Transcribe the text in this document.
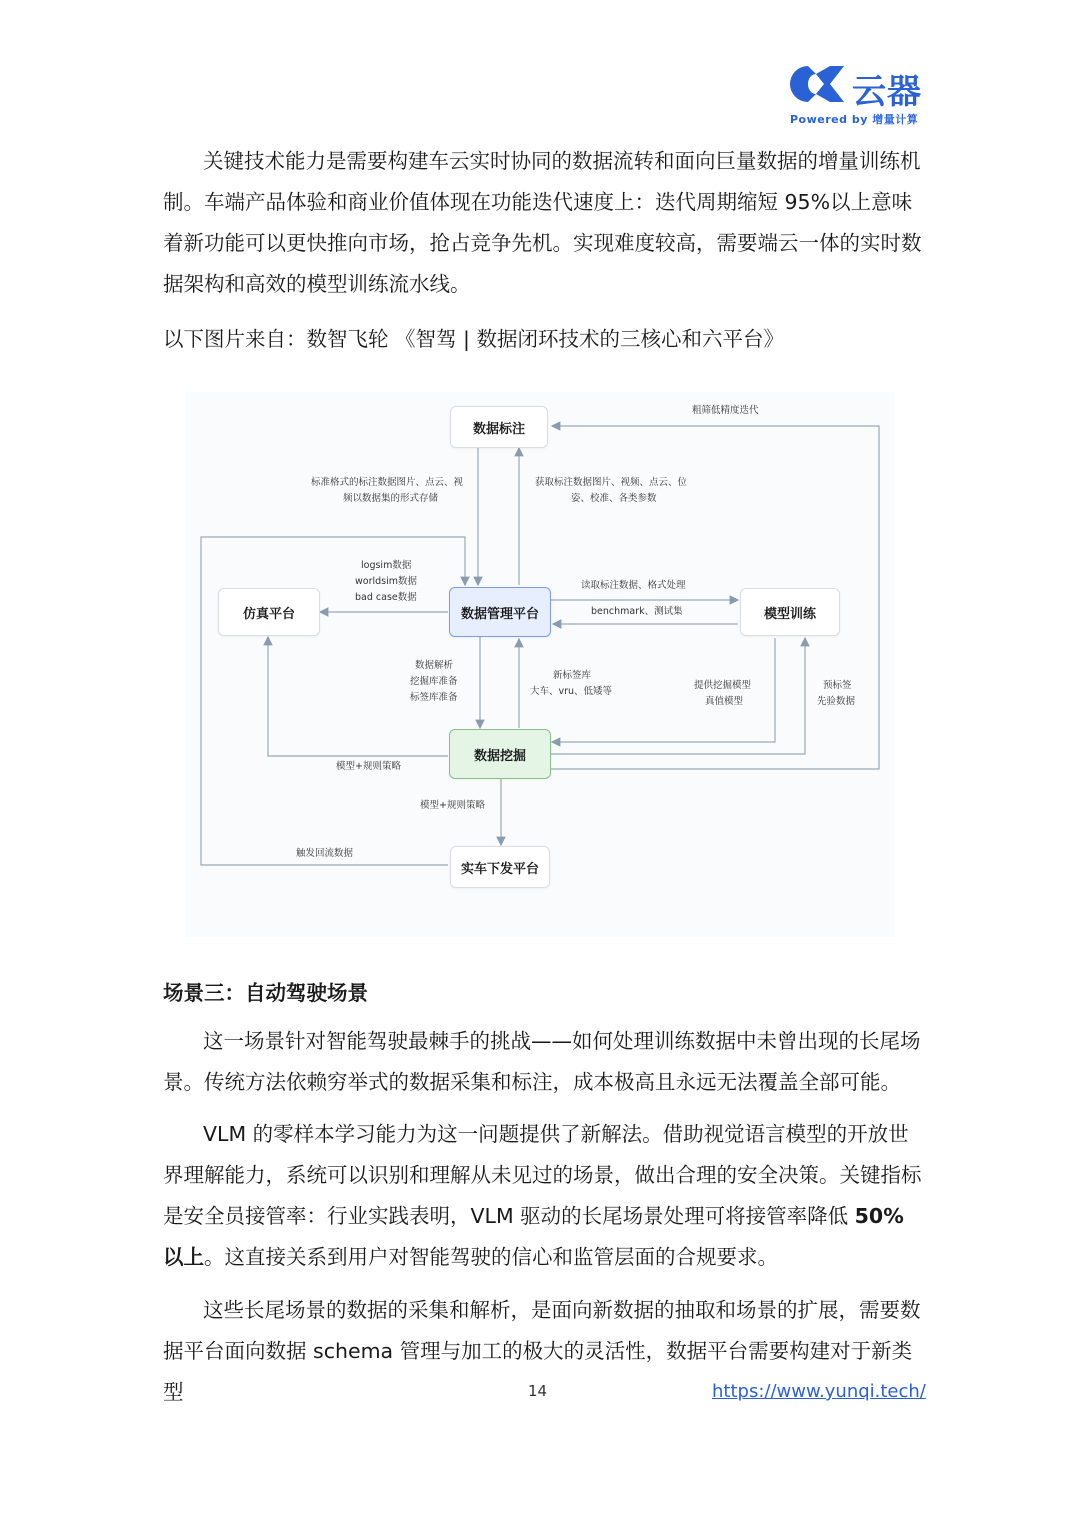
云器
Powered by 增量计算

关键技术能力是需要构建车云实时协同的数据流转和面向巨量数据的增量训练机制。车端产品体验和商业价值体现在功能迭代速度上：迭代周期缩短 95%以上意味着新功能可以更快推向市场，抢占竞争先机。实现难度较高，需要端云一体的实时数据架构和高效的模型训练流水线。

以下图片来自：数智飞轮 《智驾 | 数据闭环技术的三核心和六平台》
数据标注
仿真平台	数据管理平台	模型训练
数据挖掘
实车下发平台
粗筛低精度迭代
标准格式的标注数据图片、点云、视
频以数据集的形式存储
获取标注数据图片、视频、点云、位
姿、校准、各类参数
logsim数据
worldsim数据
bad case数据
读取标注数据、格式处理
benchmark、测试集
数据解析
挖掘库准备
标签库准备
新标签库
大车、vru、低矮等
提供挖掘模型
真值模型
预标签
先验数据
模型+规则策略
模型+规则策略
触发回流数据
场景三：自动驾驶场景

这一场景针对智能驾驶最棘手的挑战——如何处理训练数据中未曾出现的长尾场景。传统方法依赖穷举式的数据采集和标注，成本极高且永远无法覆盖全部可能。

VLM 的零样本学习能力为这一问题提供了新解法。借助视觉语言模型的开放世界理解能力，系统可以识别和理解从未见过的场景，做出合理的安全决策。关键指标是安全员接管率：行业实践表明，VLM 驱动的长尾场景处理可将接管率降低 50%以上。这直接关系到用户对智能驾驶的信心和监管层面的合规要求。

这些长尾场景的数据的采集和解析，是面向新数据的抽取和场景的扩展，需要数据平台面向数据 schema 管理与加工的极大的灵活性，数据平台需要构建对于新类型	14	https://www.yunqi.tech/
